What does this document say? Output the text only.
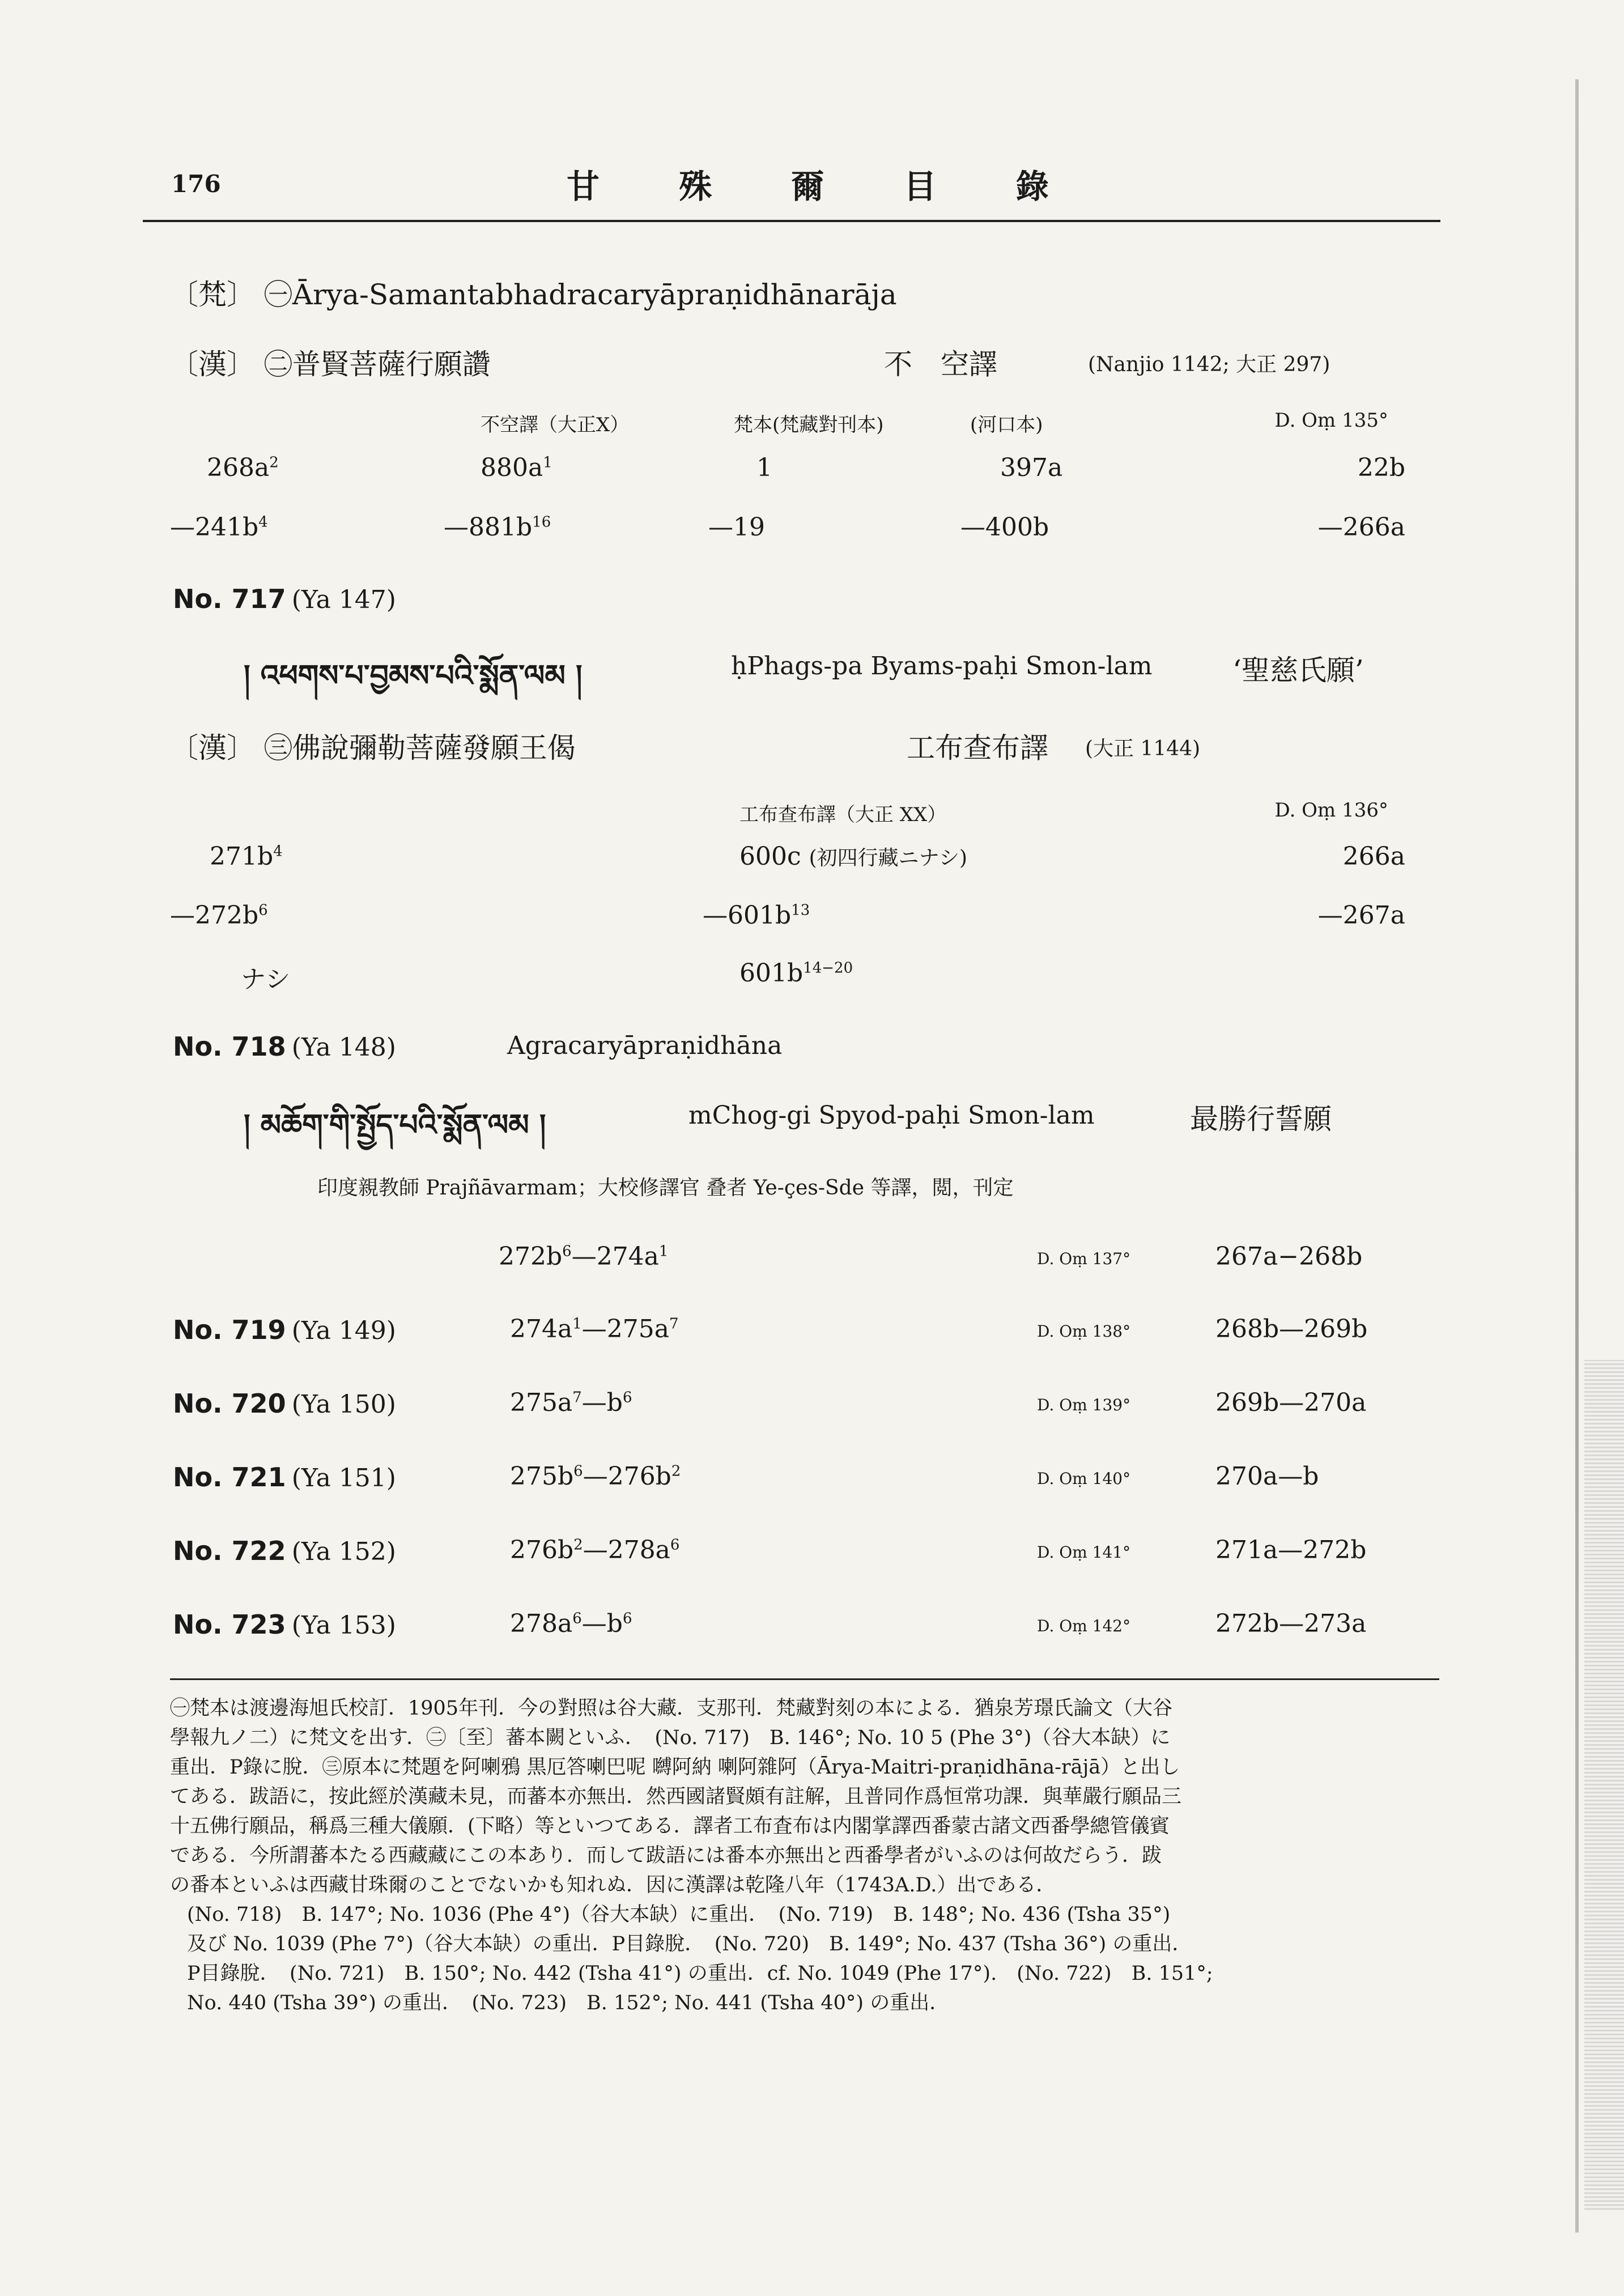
176	甘 殊 爾 目 錄
〔梵〕 ㊀Ārya-Samantabhadracaryāpraṇidhānarāja
〔漢〕 ㊁普賢菩薩行願讚	不　空譯	(Nanjio 1142; 大正 297)
不空譯（大正X）	梵本(梵藏對刊本)	(河口本)	D. Oṃ 135°
$268a^2$	$880a^1$	1	397a	22b
$—241b^4$	$—881b^{16}$	—19	—400b	—266a
No. 717 (Ya 147)
། འཕགས་པ་བྱམས་པའི་སྨོན་ལམ །	ḥPhags-pa Byams-paḥi Smon-lam	‘聖慈氏願’
〔漢〕 ㊂佛說彌勒菩薩發願王偈	工布查布譯 (大正 1144)
工布查布譯（大正 XX）	D. Oṃ 136°
$271b^4$	600c (初四行藏ニナシ)	266a
$—272b^6$	$—601b^{13}$	—267a
ナシ	$601b^{14-20}$
No. 718 (Ya 148)	Agracaryāpraṇidhāna
། མཆོག་གི་སྤྱོད་པའི་སྨོན་ལམ །	mChog-gi Spyod-paḥi Smon-lam	最勝行誓願
印度親教師 Prajñāvarmam；大校修譯官 叠者 Ye-çes-Sde 等譯，閲，刊定
$272b^6—274a^1$	D. Oṃ 137°	267a−268b
No. 719 (Ya 149)	$274a^1—275a^7$	D. Oṃ 138°	268b—269b
No. 720 (Ya 150)	$275a^7—b^6$	D. Oṃ 139°	269b—270a
No. 721 (Ya 151)	$275b^6—276b^2$	D. Oṃ 140°	270a—b
No. 722 (Ya 152)	$276b^2—278a^6$	D. Oṃ 141°	271a—272b
No. 723 (Ya 153)	$278a^6—b^6$	D. Oṃ 142°	272b—273a
㊀梵本は渡邊海旭氏校訂．1905年刊．今の對照は谷大藏．支那刊．梵藏對刻の本による．猶泉芳璟氏論文（大谷
學報九ノ二）に梵文を出す．㊁〔至〕蕃本闕といふ．　(No. 717)　B. 146°; No. 10 5 (Phe 3°)（谷大本缺）に
重出．P錄に脫．㊂原本に梵題を阿喇鴉 黒厄答喇巴呢 嚩阿納 喇阿雜阿（Ārya-Maitri-praṇidhāna-rājā）と出し
てある．跋語に，按此經於漢藏未見，而蕃本亦無出．然西國諸賢頗有註解，且普同作爲恒常功課．與華嚴行願品三
十五佛行願品，稱爲三種大儀願．(下略）等といつてある．譯者工布査布は内閣掌譯西番蒙古諸文西番學總管儀賓
である．今所謂蕃本たる西藏藏にこの本あり．而して跋語には番本亦無出と西番學者がいふのは何故だらう．跋
の番本といふは西藏甘珠爾のことでないかも知れぬ．因に漢譯は乾隆八年（1743A.D.）出である．
(No. 718)　B. 147°; No. 1036 (Phe 4°)（谷大本缺）に重出．　(No. 719)　B. 148°; No. 436 (Tsha 35°)
及び No. 1039 (Phe 7°)（谷大本缺）の重出．P目錄脫．　(No. 720)　B. 149°; No. 437 (Tsha 36°) の重出．
P目錄脫．　(No. 721)　B. 150°; No. 442 (Tsha 41°) の重出．cf. No. 1049 (Phe 17°).　(No. 722)　B. 151°;
No. 440 (Tsha 39°) の重出．　(No. 723)　B. 152°; No. 441 (Tsha 40°) の重出．
